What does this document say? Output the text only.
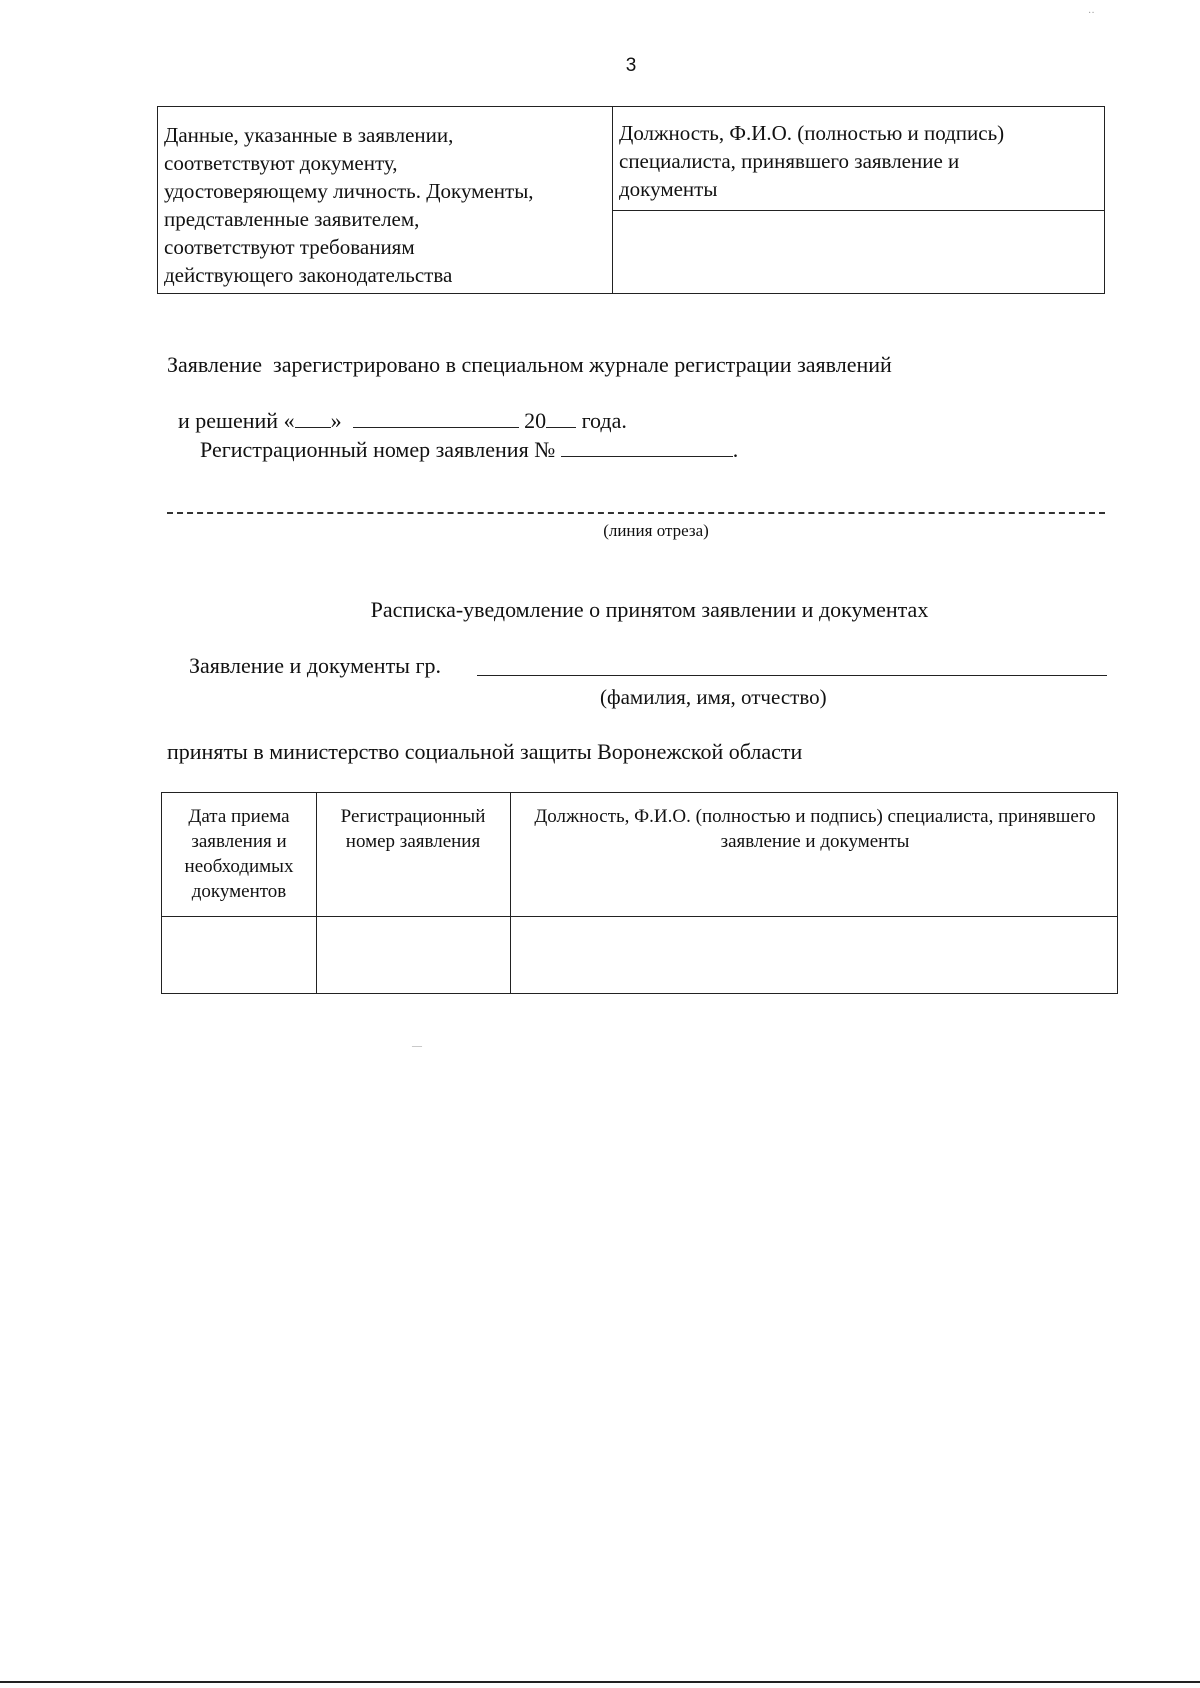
3
··
Данные, указанные в заявлении,
соответствуют документу,
удостоверяющему личность. Документы,
представленные заявителем,
соответствуют требованиям
действующего законодательства
Должность, Ф.И.О. (полностью и подпись)
специалиста, принявшего заявление и
документы
Заявление  зарегистрировано в специальном журнале регистрации заявлений

и решений « » 	20 года.

Регистрационный номер заявления №	.

(линия отреза)
Расписка-уведомление о принятом заявлении и документах
Заявление и документы гр.
(фамилия, имя, отчество)
приняты в министерство социальной защиты Воронежской области
Дата приема заявления и необходимых документов
Регистрационный номер заявления
Должность, Ф.И.О. (полностью и подпись) специалиста, принявшего заявление и документы
—
